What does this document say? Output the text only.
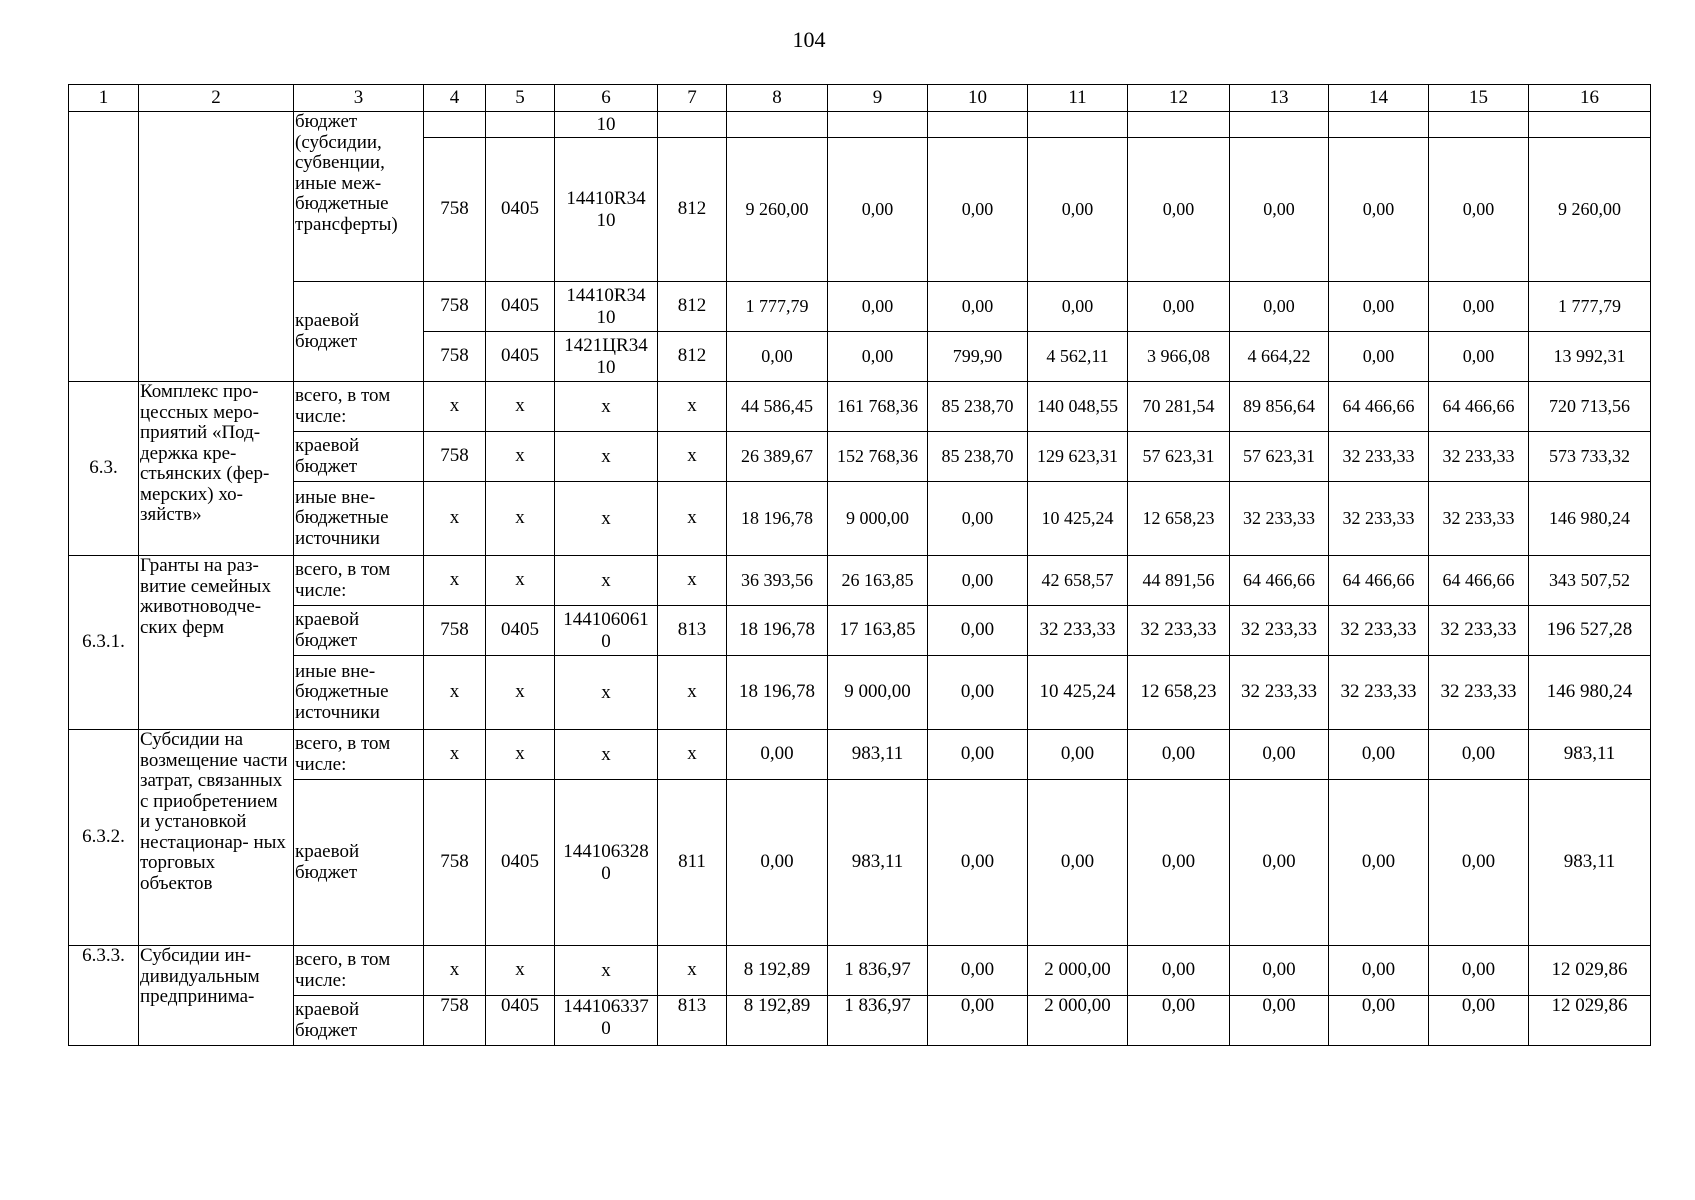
104
1	2	3	4	5	6	7	8	9	10	11	12	13	14	15	16
		бюджет (субсидии, субвенции, иные меж- бюджетные трансферты)			10										
			758	0405	14410R34 10	812	9 260,00	0,00	0,00	0,00	0,00	0,00	0,00	0,00	9 260,00
		краевой бюджет	758	0405	14410R34 10	812	1 777,79	0,00	0,00	0,00	0,00	0,00	0,00	0,00	1 777,79
			758	0405	1421ЦR34 10	812	0,00	0,00	799,90	4 562,11	3 966,08	4 664,22	0,00	0,00	13 992,31
6.3.	Комплекс про- цессных меро- приятий «Под- держка кре- стьянских (фер- мерских) хо- зяйств»	всего, в том числе:	x	x	x	x	44 586,45	161 768,36	85 238,70	140 048,55	70 281,54	89 856,64	64 466,66	64 466,66	720 713,56
		краевой бюджет	758	x	x	x	26 389,67	152 768,36	85 238,70	129 623,31	57 623,31	57 623,31	32 233,33	32 233,33	573 733,32
		иные вне- бюджетные источники	x	x	x	x	18 196,78	9 000,00	0,00	10 425,24	12 658,23	32 233,33	32 233,33	32 233,33	146 980,24
6.3.1.	Гранты на раз- витие семейных животноводче- ских ферм	всего, в том числе:	x	x	x	x	36 393,56	26 163,85	0,00	42 658,57	44 891,56	64 466,66	64 466,66	64 466,66	343 507,52
		краевой бюджет	758	0405	144106061 0	813	18 196,78	17 163,85	0,00	32 233,33	32 233,33	32 233,33	32 233,33	32 233,33	196 527,28
		иные вне- бюджетные источники	x	x	x	x	18 196,78	9 000,00	0,00	10 425,24	12 658,23	32 233,33	32 233,33	32 233,33	146 980,24
6.3.2.	Субсидии на возмещение части затрат, связанных с приобретением и установкой нестационар- ных торговых объектов	всего, в том числе:	x	x	x	x	0,00	983,11	0,00	0,00	0,00	0,00	0,00	0,00	983,11
		краевой бюджет	758	0405	144106328 0	811	0,00	983,11	0,00	0,00	0,00	0,00	0,00	0,00	983,11
6.3.3.	Субсидии ин- дивидуальным предпринима-	всего, в том числе:	x	x	x	x	8 192,89	1 836,97	0,00	2 000,00	0,00	0,00	0,00	0,00	12 029,86
		краевой бюджет	758	0405	144106337 0	813	8 192,89	1 836,97	0,00	2 000,00	0,00	0,00	0,00	0,00	12 029,86
